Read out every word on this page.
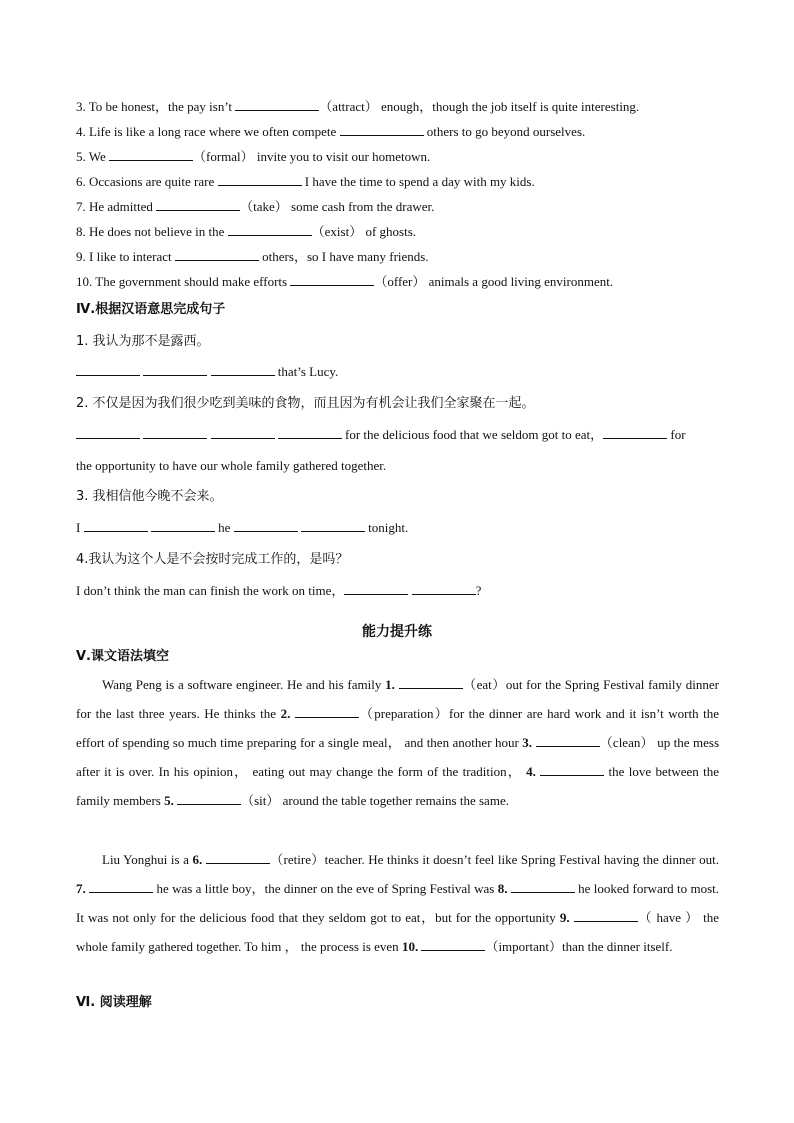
3. To be honest，the pay isn’t	（attract） enough，though the job itself is quite interesting.
4. Life is like a long race where we often compete	others to go beyond ourselves.
5. We	（formal） invite you to visit our hometown.
6. Occasions are quite rare	I have the time to spend a day with my kids.
7. He admitted	（take） some cash from the drawer.
8. He does not believe in the	（exist） of ghosts.
9. I like to interact	others，so I have many friends.
10. The government should make efforts	（offer） animals a good living environment.
Ⅳ.根据汉语意思完成句子
1. 我认为那不是露西。
that’s Lucy.
2. 不仅是因为我们很少吃到美味的食物，而且因为有机会让我们全家聚在一起。
for the delicious food that we seldom got to eat，	for
the opportunity to have our whole family gathered together.
3. 我相信他今晚不会来。
I	he	tonight.
4.我认为这个人是不会按时完成工作的，是吗？
I don’t think the man can finish the work on time，	?
能力提升练
Ⅴ.课文语法填空
Wang Peng is a software engineer. He and his family 1.	（eat）out for the Spring Festival family dinner for the last three years. He thinks the 2.	（preparation）for the dinner are hard work and it isn’t worth the effort of spending so much time preparing for a single meal， and then another hour 3.	（clean） up the mess after it is over. In his opinion， eating out may change the form of the tradition， 4.	the love between the family members 5.	（sit） around the table together remains the same.
Liu Yonghui is a 6.	（retire）teacher. He thinks it doesn’t feel like Spring Festival having the dinner out. 7.	he was a little boy，the dinner on the eve of Spring Festival was 8.	he looked forward to most. It was not only for the delicious food that they seldom got to eat，but for the opportunity 9.	（ have ） the whole family gathered together. To him ， the process is even 10.	（important）than the dinner itself.
Ⅵ. 阅读理解
